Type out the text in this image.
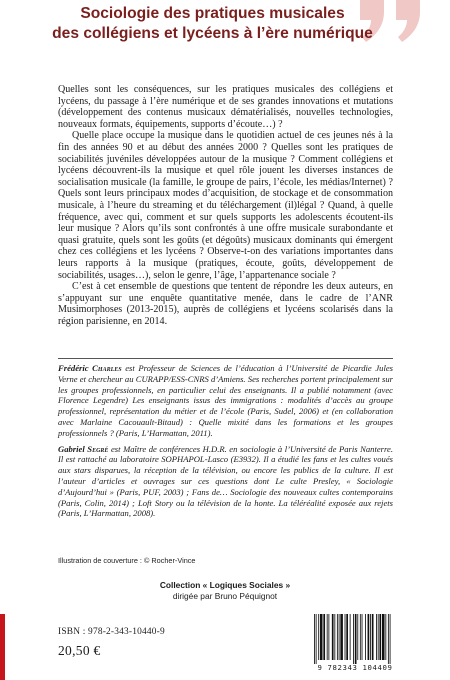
Sociologie des pratiques musicales
des collégiens et lycéens à l’ère numérique

Quelles sont les conséquences, sur les pratiques musicales des collégiens et lycéens, du passage à l’ère numérique et de ses grandes innovations et mutations (développement des contenus musicaux dématérialisés, nouvelles technologies, nouveaux formats, équipements, supports d’écoute…) ?

Quelle place occupe la musique dans le quotidien actuel de ces jeunes nés à la fin des années 90 et au début des années 2000 ? Quelles sont les pratiques de sociabilités juvéniles développées autour de la musique ? Comment collégiens et lycéens découvrent-ils la musique et quel rôle jouent les diverses instances de socialisation musicale (la famille, le groupe de pairs, l’école, les médias/Internet) ? Quels sont leurs principaux modes d’acquisition, de stockage et de consommation musicale, à l’heure du streaming et du téléchargement (il)légal ? Quand, à quelle fréquence, avec qui, comment et sur quels supports les adolescents écoutent-ils leur musique ? Alors qu’ils sont confrontés à une offre musicale surabondante et quasi gratuite, quels sont les goûts (et dégoûts) musicaux dominants qui émergent chez ces collégiens et les lycéens ? Observe-t-on des variations importantes dans leurs rapports à la musique (pratiques, écoute, goûts, développement de sociabilités, usages…), selon le genre, l’âge, l’appartenance sociale ?

C’est à cet ensemble de questions que tentent de répondre les deux auteurs, en s’appuyant sur une enquête quantitative menée, dans le cadre de l’ANR Musimorphoses (2013-2015), auprès de collégiens et lycéens scolarisés dans la région parisienne, en 2014.

Frédéric Charles est Professeur de Sciences de l’éducation à l’Université de Picardie Jules Verne et chercheur au CURAPP/ESS-CNRS d’Amiens. Ses recherches portent principalement sur les groupes professionnels, en particulier celui des enseignants. Il a publié notamment (avec Florence Legendre) Les enseignants issus des immigrations : modalités d’accès au groupe professionnel, représentation du métier et de l’école (Paris, Sudel, 2006) et (en collaboration avec Marlaine Cacouault-Bitaud) : Quelle mixité dans les formations et les groupes professionnels ? (Paris, L’Harmattan, 2011).

Gabriel Segré est Maître de conférences H.D.R. en sociologie à l’Université de Paris Nanterre. Il est rattaché au laboratoire SOPHAPOL-Lasco (E3932). Il a étudié les fans et les cultes voués aux stars disparues, la réception de la télévision, ou encore les publics de la culture. Il est l’auteur d’articles et ouvrages sur ces questions dont Le culte Presley, « Sociologie d’Aujourd’hui » (Paris, PUF, 2003) ; Fans de… Sociologie des nouveaux cultes contemporains (Paris, Colin, 2014) ; Loft Story ou la télévision de la honte. La téléréalité exposée aux rejets (Paris, L’Harmattan, 2008).

Illustration de couverture : © Rocher-Vince
Collection « Logiques Sociales »
dirigée par Bruno Péquignot
ISBN : 978-2-343-10440-9
20,50 €
9 782343 104409
